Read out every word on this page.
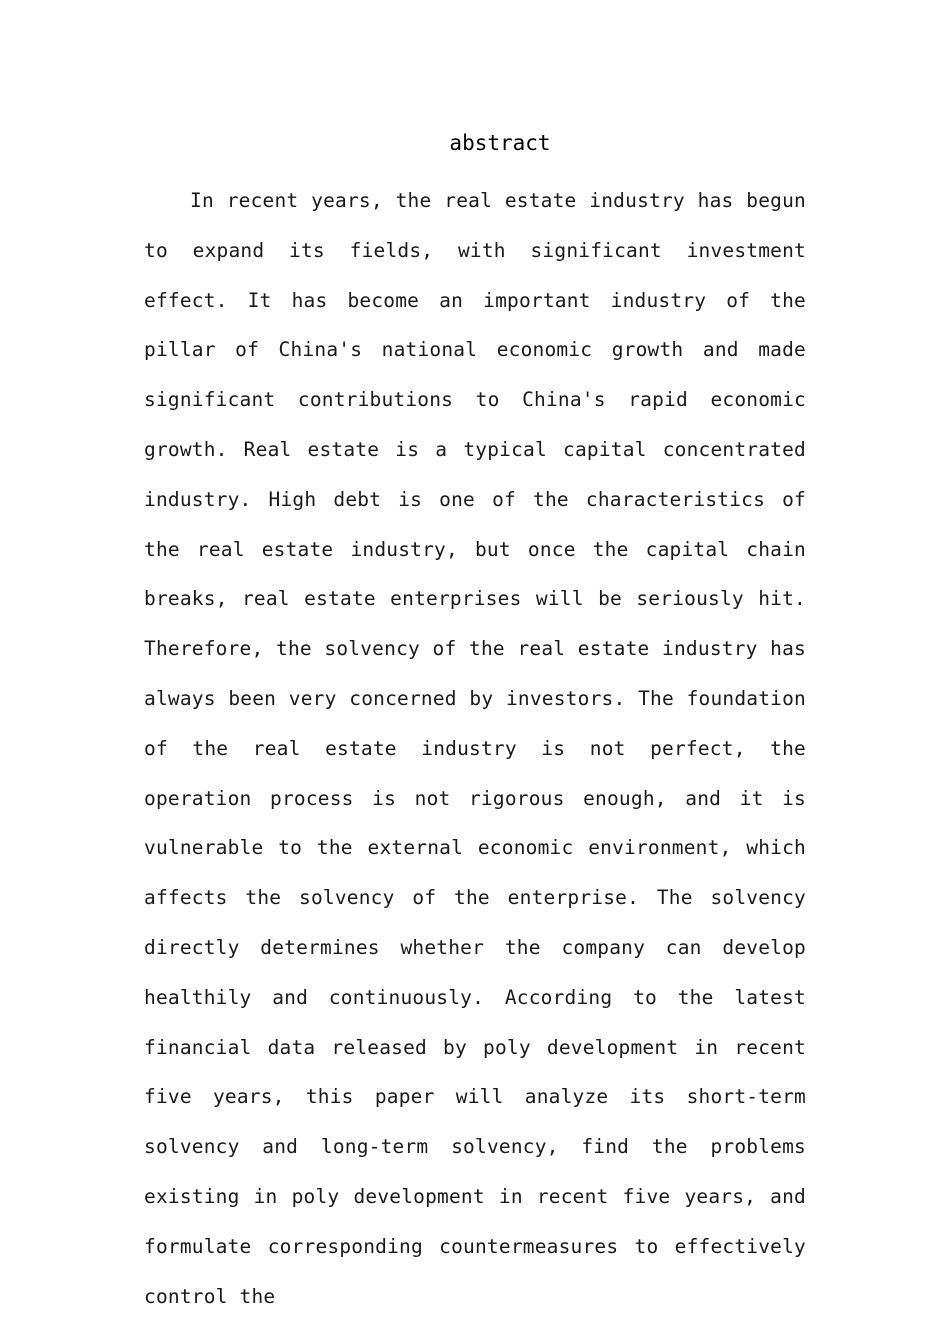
abstract

In recent years, the real estate industry has begun to expand its fields, with significant investment effect. It has become an important industry of the pillar of China's national economic growth and made significant contributions to China's rapid economic growth. Real estate is a typical capital concentrated industry. High debt is one of the characteristics of the real estate industry, but once the capital chain breaks, real estate enterprises will be seriously hit. Therefore, the solvency of the real estate industry has always been very concerned by investors. The foundation of the real estate industry is not perfect, the operation process is not rigorous enough, and it is vulnerable to the external economic environment, which affects the solvency of the enterprise. The solvency directly determines whether the company can develop healthily and continuously. According to the latest financial data released by poly development in recent five years, this paper will analyze its short-term solvency and long-term solvency, find the problems existing in poly development in recent five years, and formulate corresponding countermeasures to effectively control the
